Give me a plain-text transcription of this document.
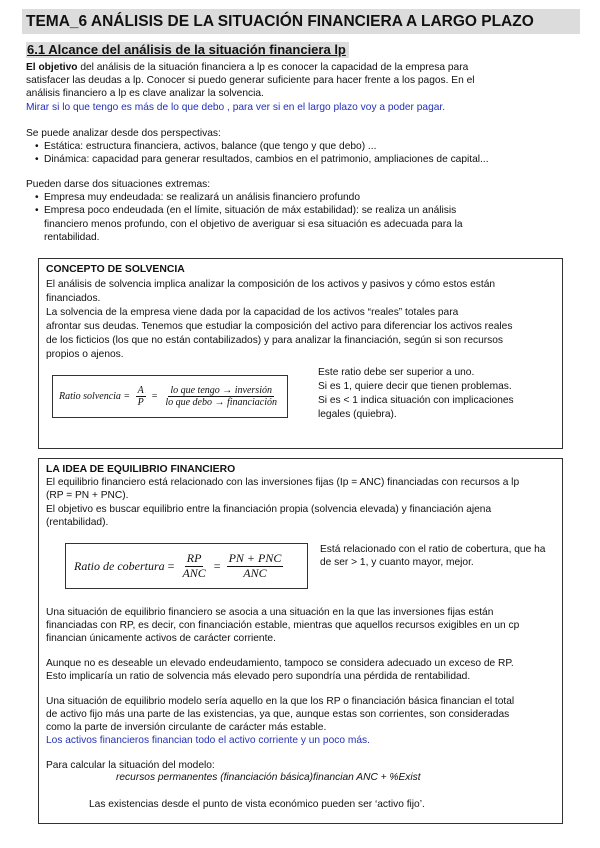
TEMA_6 ANÁLISIS DE LA SITUACIÓN FINANCIERA A LARGO PLAZO
6.1 Alcance del análisis de la situación financiera lp
El objetivo del análisis de la situación financiera a lp es conocer la capacidad de la empresa para
satisfacer las deudas a lp. Conocer si puedo generar suficiente para hacer frente a los pagos. En el
análisis financiero a lp es clave analizar la solvencia.
Mirar si lo que tengo es más de lo que debo , para ver si en el largo plazo voy a poder pagar.
Se puede analizar desde dos perspectivas:
• Estática: estructura financiera, activos, balance (que tengo y que debo) ...
• Dinámica: capacidad para generar resultados, cambios en el patrimonio, ampliaciones de capital...
Pueden darse dos situaciones extremas:
• Empresa muy endeudada: se realizará un análisis financiero profundo
• Empresa poco endeudada (en el límite, situación de máx estabilidad): se realiza un análisis
financiero menos profundo, con el objetivo de averiguar si esa situación es adecuada para la
rentabilidad.
CONCEPTO DE SOLVENCIA
El análisis de solvencia implica analizar la composición de los activos y pasivos y cómo estos están
financiados.
La solvencia de la empresa viene dada por la capacidad de los activos “reales” totales para
afrontar sus deudas. Tenemos que estudiar la composición del activo para diferenciar los activos reales
de los ficticios (los que no están contabilizados) y para analizar la financiación, según si son recursos
propios o ajenos.
Ratio solvencia = $\frac{A}{P} = \frac{\text{lo que tengo → inversión}}{\text{lo que debo → financiación}}$
Este ratio debe ser superior a uno.
Si es 1, quiere decir que tienen problemas.
Si es < 1 indica situación con implicaciones
legales (quiebra).
LA IDEA DE EQUILIBRIO FINANCIERO
El equilibrio financiero está relacionado con las inversiones fijas (Ip = ANC) financiadas con recursos a lp
(RP = PN + PNC).
El objetivo es buscar equilibrio entre la financiación propia (solvencia elevada) y financiación ajena
(rentabilidad).
Ratio de cobertura = $\frac{RP}{\text{ANC}} = \frac{\text{PN + PNC}}{\text{ANC}}$
Está relacionado con el ratio de cobertura, que ha
de ser > 1, y cuanto mayor, mejor.
Una situación de equilibrio financiero se asocia a una situación en la que las inversiones fijas están
financiadas con RP, es decir, con financiación estable, mientras que aquellos recursos exigibles en un cp
financian únicamente activos de carácter corriente.
Aunque no es deseable un elevado endeudamiento, tampoco se considera adecuado un exceso de RP.
Esto implicaría un ratio de solvencia más elevado pero supondría una pérdida de rentabilidad.
Una situación de equilibrio modelo sería aquello en la que los RP o financiación básica financian el total
de activo fijo más una parte de las existencias, ya que, aunque estas son corrientes, son consideradas
como la parte de inversión circulante de carácter más estable.
Los activos financieros financian todo el activo corriente y un poco más.
Para calcular la situación del modelo:
recursos permanentes (financiación básica)financian ANC + %Exist
Las existencias desde el punto de vista económico pueden ser ‘activo fijo’.
